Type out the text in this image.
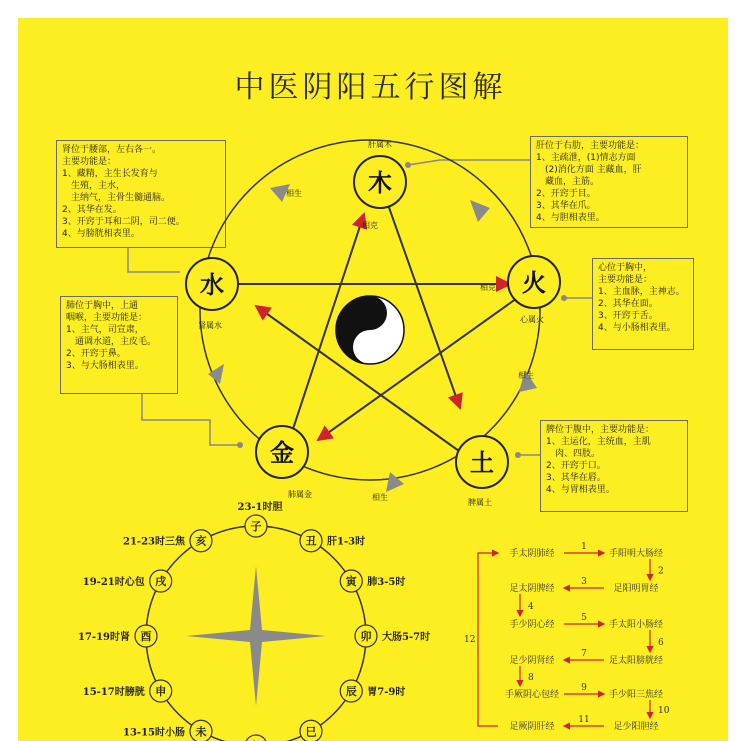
中医阴阳五行图解
肾位于腰部，左右各一。
主要功能是：
1、藏精，主生长发育与
　生殖，主水，
　主纳气，主骨生髓通脑。
2、其华在发。
3、开窍于耳和二阴，司二便。
4、与膀胱相表里。
肝位于右肋，主要功能是：
1、主疏泄，(1)情志方面
　(2)消化方面 主藏血，肝
　藏血，主筋。
2、开窍于目。
3、其华在爪。
4、与胆相表里。
心位于胸中，
主要功能是：
1、主血脉，主神志。
2、其华在面。
3、开窍于舌。
4、与小肠相表里。
肺位于胸中，上通
咽喉，主要功能是：
1、主气，司宣肃，
　通调水道，主皮毛。
2、开窍于鼻。
3、与大肠相表里。
脾位于腹中，主要功能是：
1、主运化，主统血，主肌
　肉、四肢。
2、开窍于口。
3、其华在唇。
4、与胃相表里。
相生
相生
相生
相克
相克
木
肝属木
火
心属火
土
脾属土
金
肺属金
水
肾属水
子
23-1时胆
丑 肝1-3时
寅 肺3-5时
卯 大肠5-7时
辰 胃7-9时
巳
未
13-15时小肠
申
15-17时膀胱
酉
17-19时肾
戌
19-21时心包
亥
21-23时三焦
手太阴肺经	手阳明大肠经
1
2
足太阴脾经	足阳明胃经
3
4
手少阴心经	手太阳小肠经
5
6
足少阴肾经	足太阳膀胱经
7
8
手厥阴心包经	手少阳三焦经
9
10
足厥阴肝经	足少阳胆经
11
12
